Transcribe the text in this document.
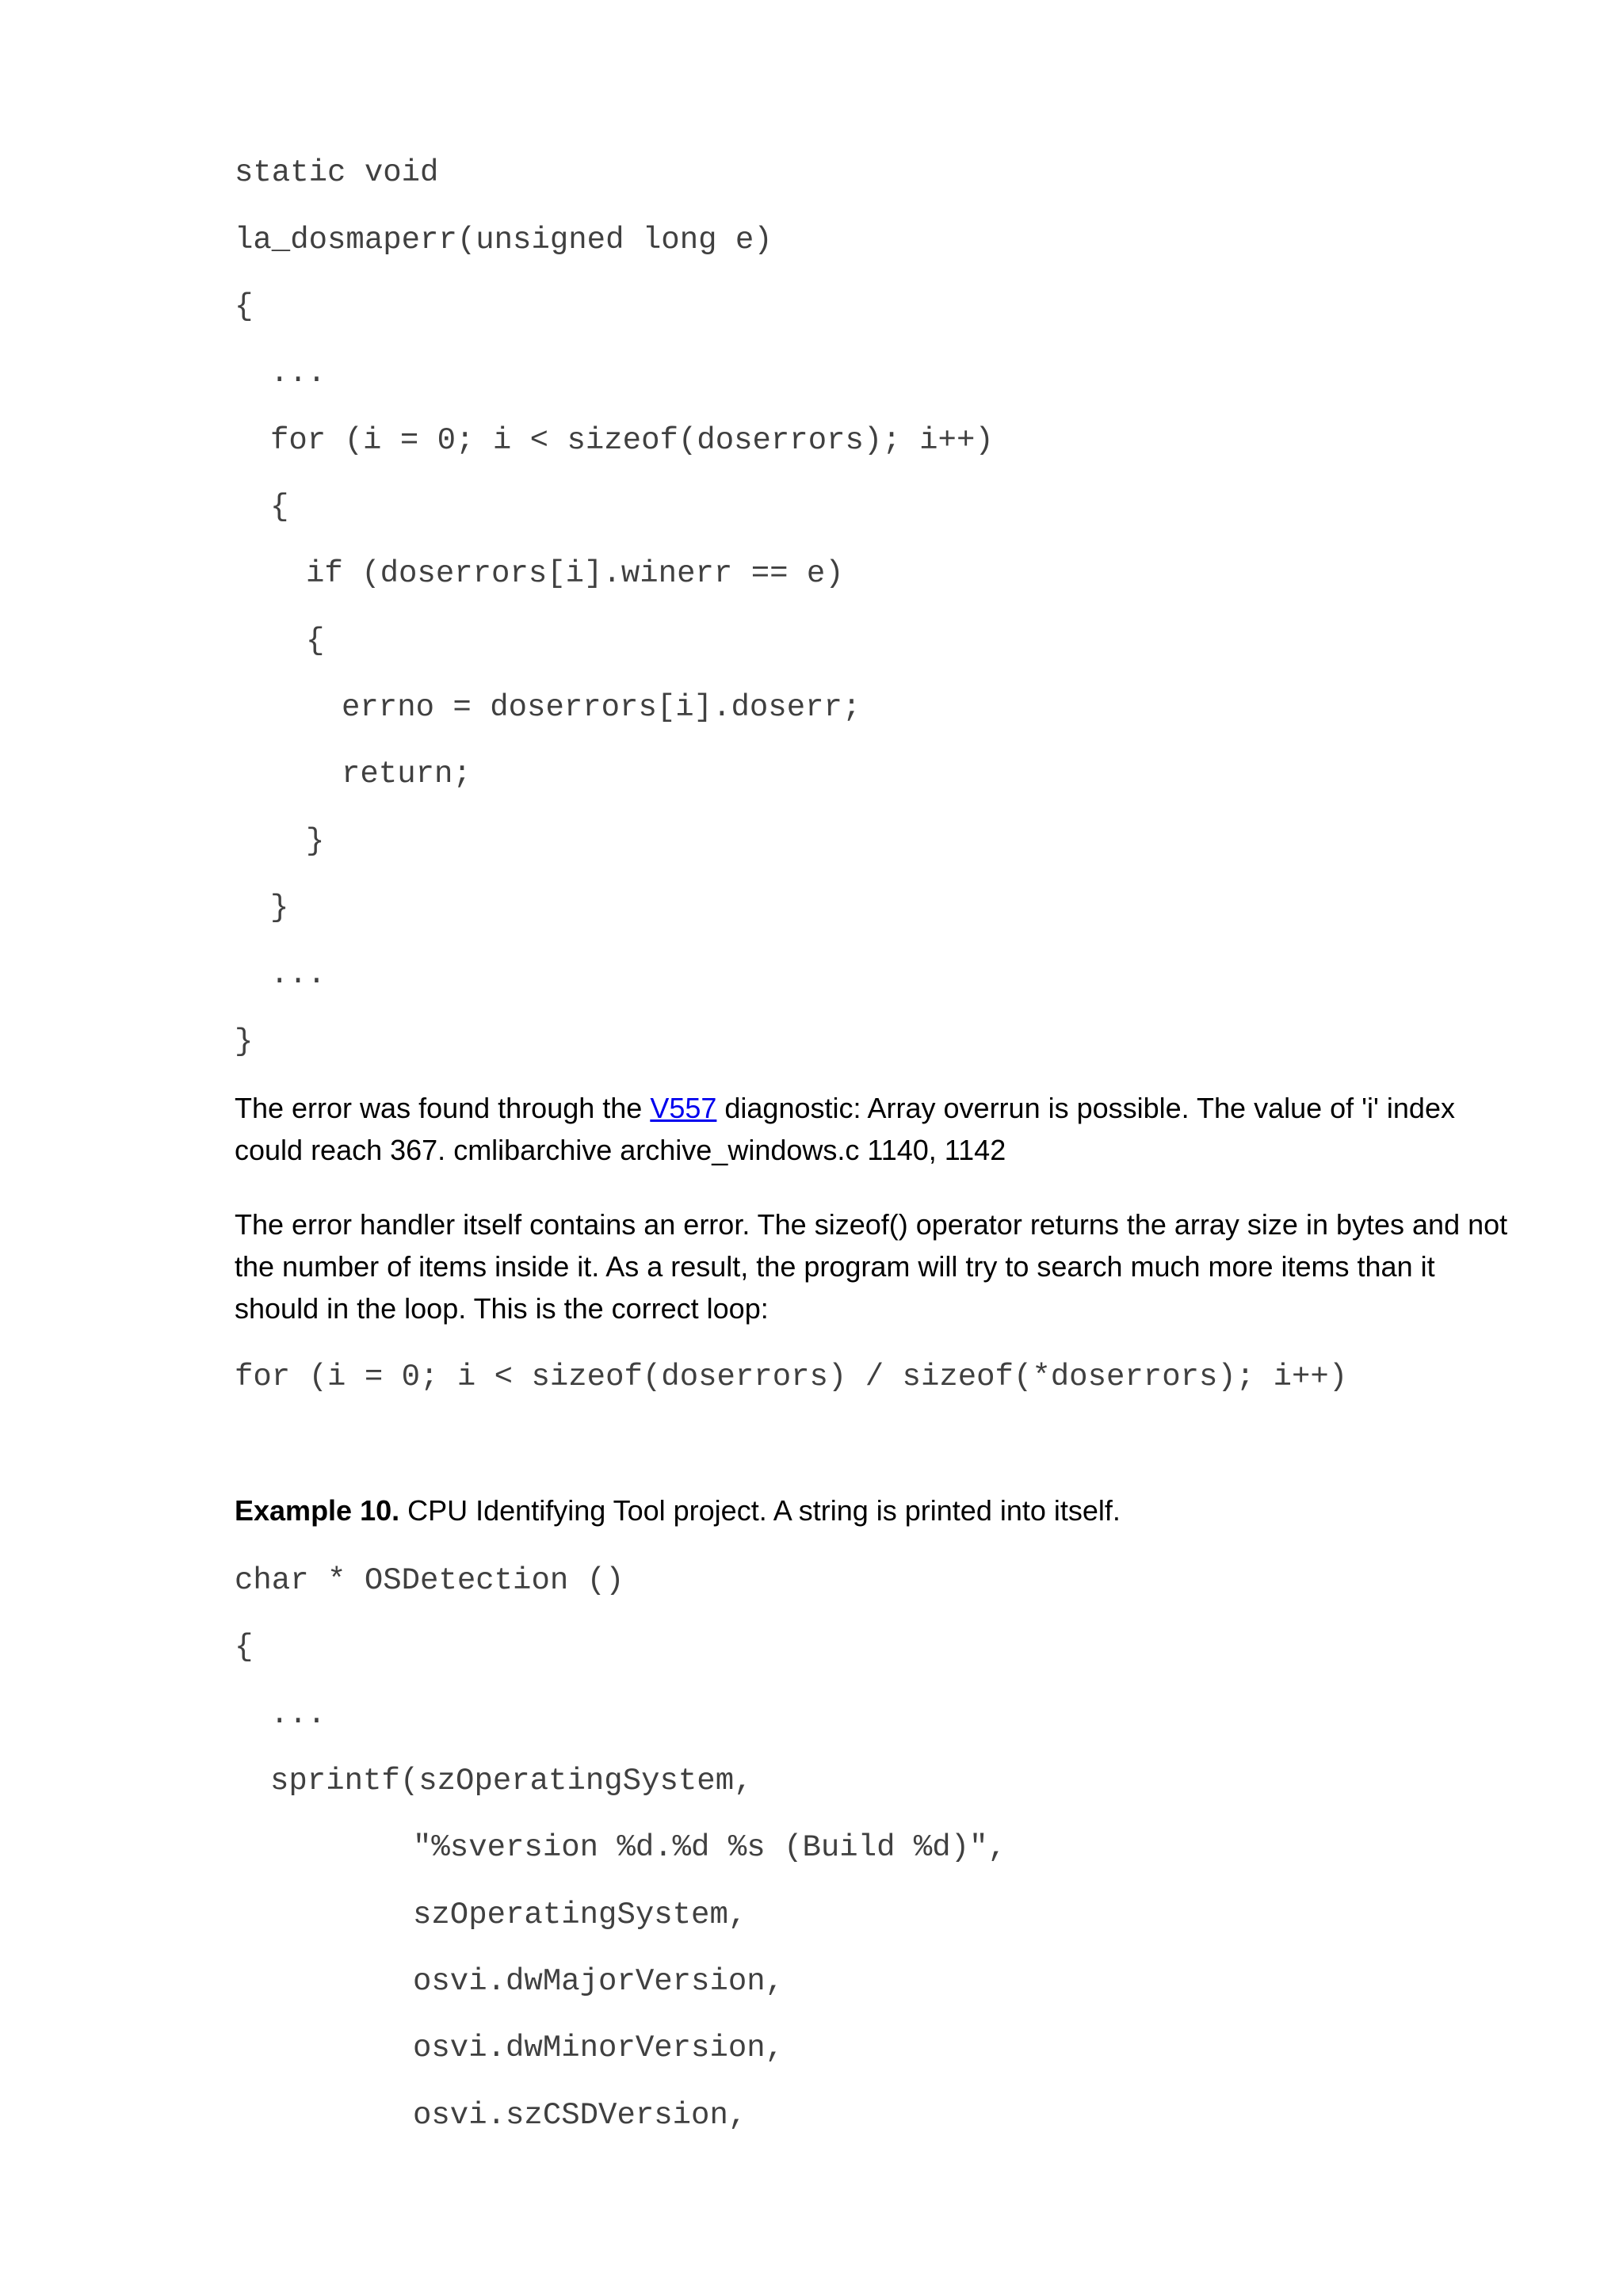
static void

la_dosmaperr(unsigned long e)

{

...

for (i = 0; i < sizeof(doserrors); i++)

{

if (doserrors[i].winerr == e)

{

errno = doserrors[i].doserr;

return;

}

}

...

}

The error was found through the V557 diagnostic: Array overrun is possible. The value of 'i' index could reach 367. cmlibarchive archive_windows.c 1140, 1142

The error handler itself contains an error. The sizeof() operator returns the array size in bytes and not the number of items inside it. As a result, the program will try to search much more items than it should in the loop. This is the correct loop:

for (i = 0; i < sizeof(doserrors) / sizeof(*doserrors); i++)

Example 10. CPU Identifying Tool project. A string is printed into itself.

char * OSDetection ()

{

...

sprintf(szOperatingSystem,

"%sversion %d.%d %s (Build %d)",

szOperatingSystem,

osvi.dwMajorVersion,

osvi.dwMinorVersion,

osvi.szCSDVersion,
